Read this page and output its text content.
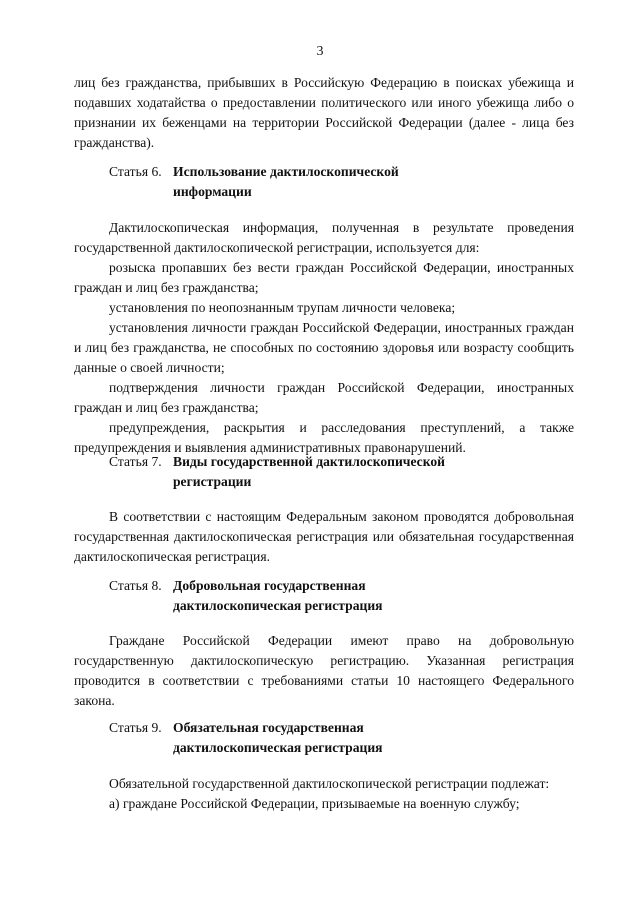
3

лиц без гражданства, прибывших в Российскую Федерацию в поисках убежища и подавших ходатайства о предоставлении политического или иного убежища либо о признании их беженцами на территории Российской Федерации (далее - лица без гражданства).

Статья 6. Использование дактилоскопической
информации

Дактилоскопическая информация, полученная в результате проведения государственной дактилоскопической регистрации, используется для:

розыска пропавших без вести граждан Российской Федерации, иностранных граждан и лиц без гражданства;

установления по неопознанным трупам личности человека;

установления личности граждан Российской Федерации, иностранных граждан и лиц без гражданства, не способных по состоянию здоровья или возрасту сообщить данные о своей личности;

подтверждения личности граждан Российской Федерации, иностранных граждан и лиц без гражданства;

предупреждения, раскрытия и расследования преступлений, а также предупреждения и выявления административных правонарушений.

Статья 7. Виды государственной дактилоскопической
регистрации

В соответствии с настоящим Федеральным законом проводятся добровольная государственная дактилоскопическая регистрация или обязательная государственная дактилоскопическая регистрация.

Статья 8. Добровольная государственная
дактилоскопическая регистрация

Граждане Российской Федерации имеют право на добровольную государственную дактилоскопическую регистрацию. Указанная регистрация проводится в соответствии с требованиями статьи 10 настоящего Федерального закона.

Статья 9. Обязательная государственная
дактилоскопическая регистрация

Обязательной государственной дактилоскопической регистрации подлежат:

а) граждане Российской Федерации, призываемые на военную службу;
